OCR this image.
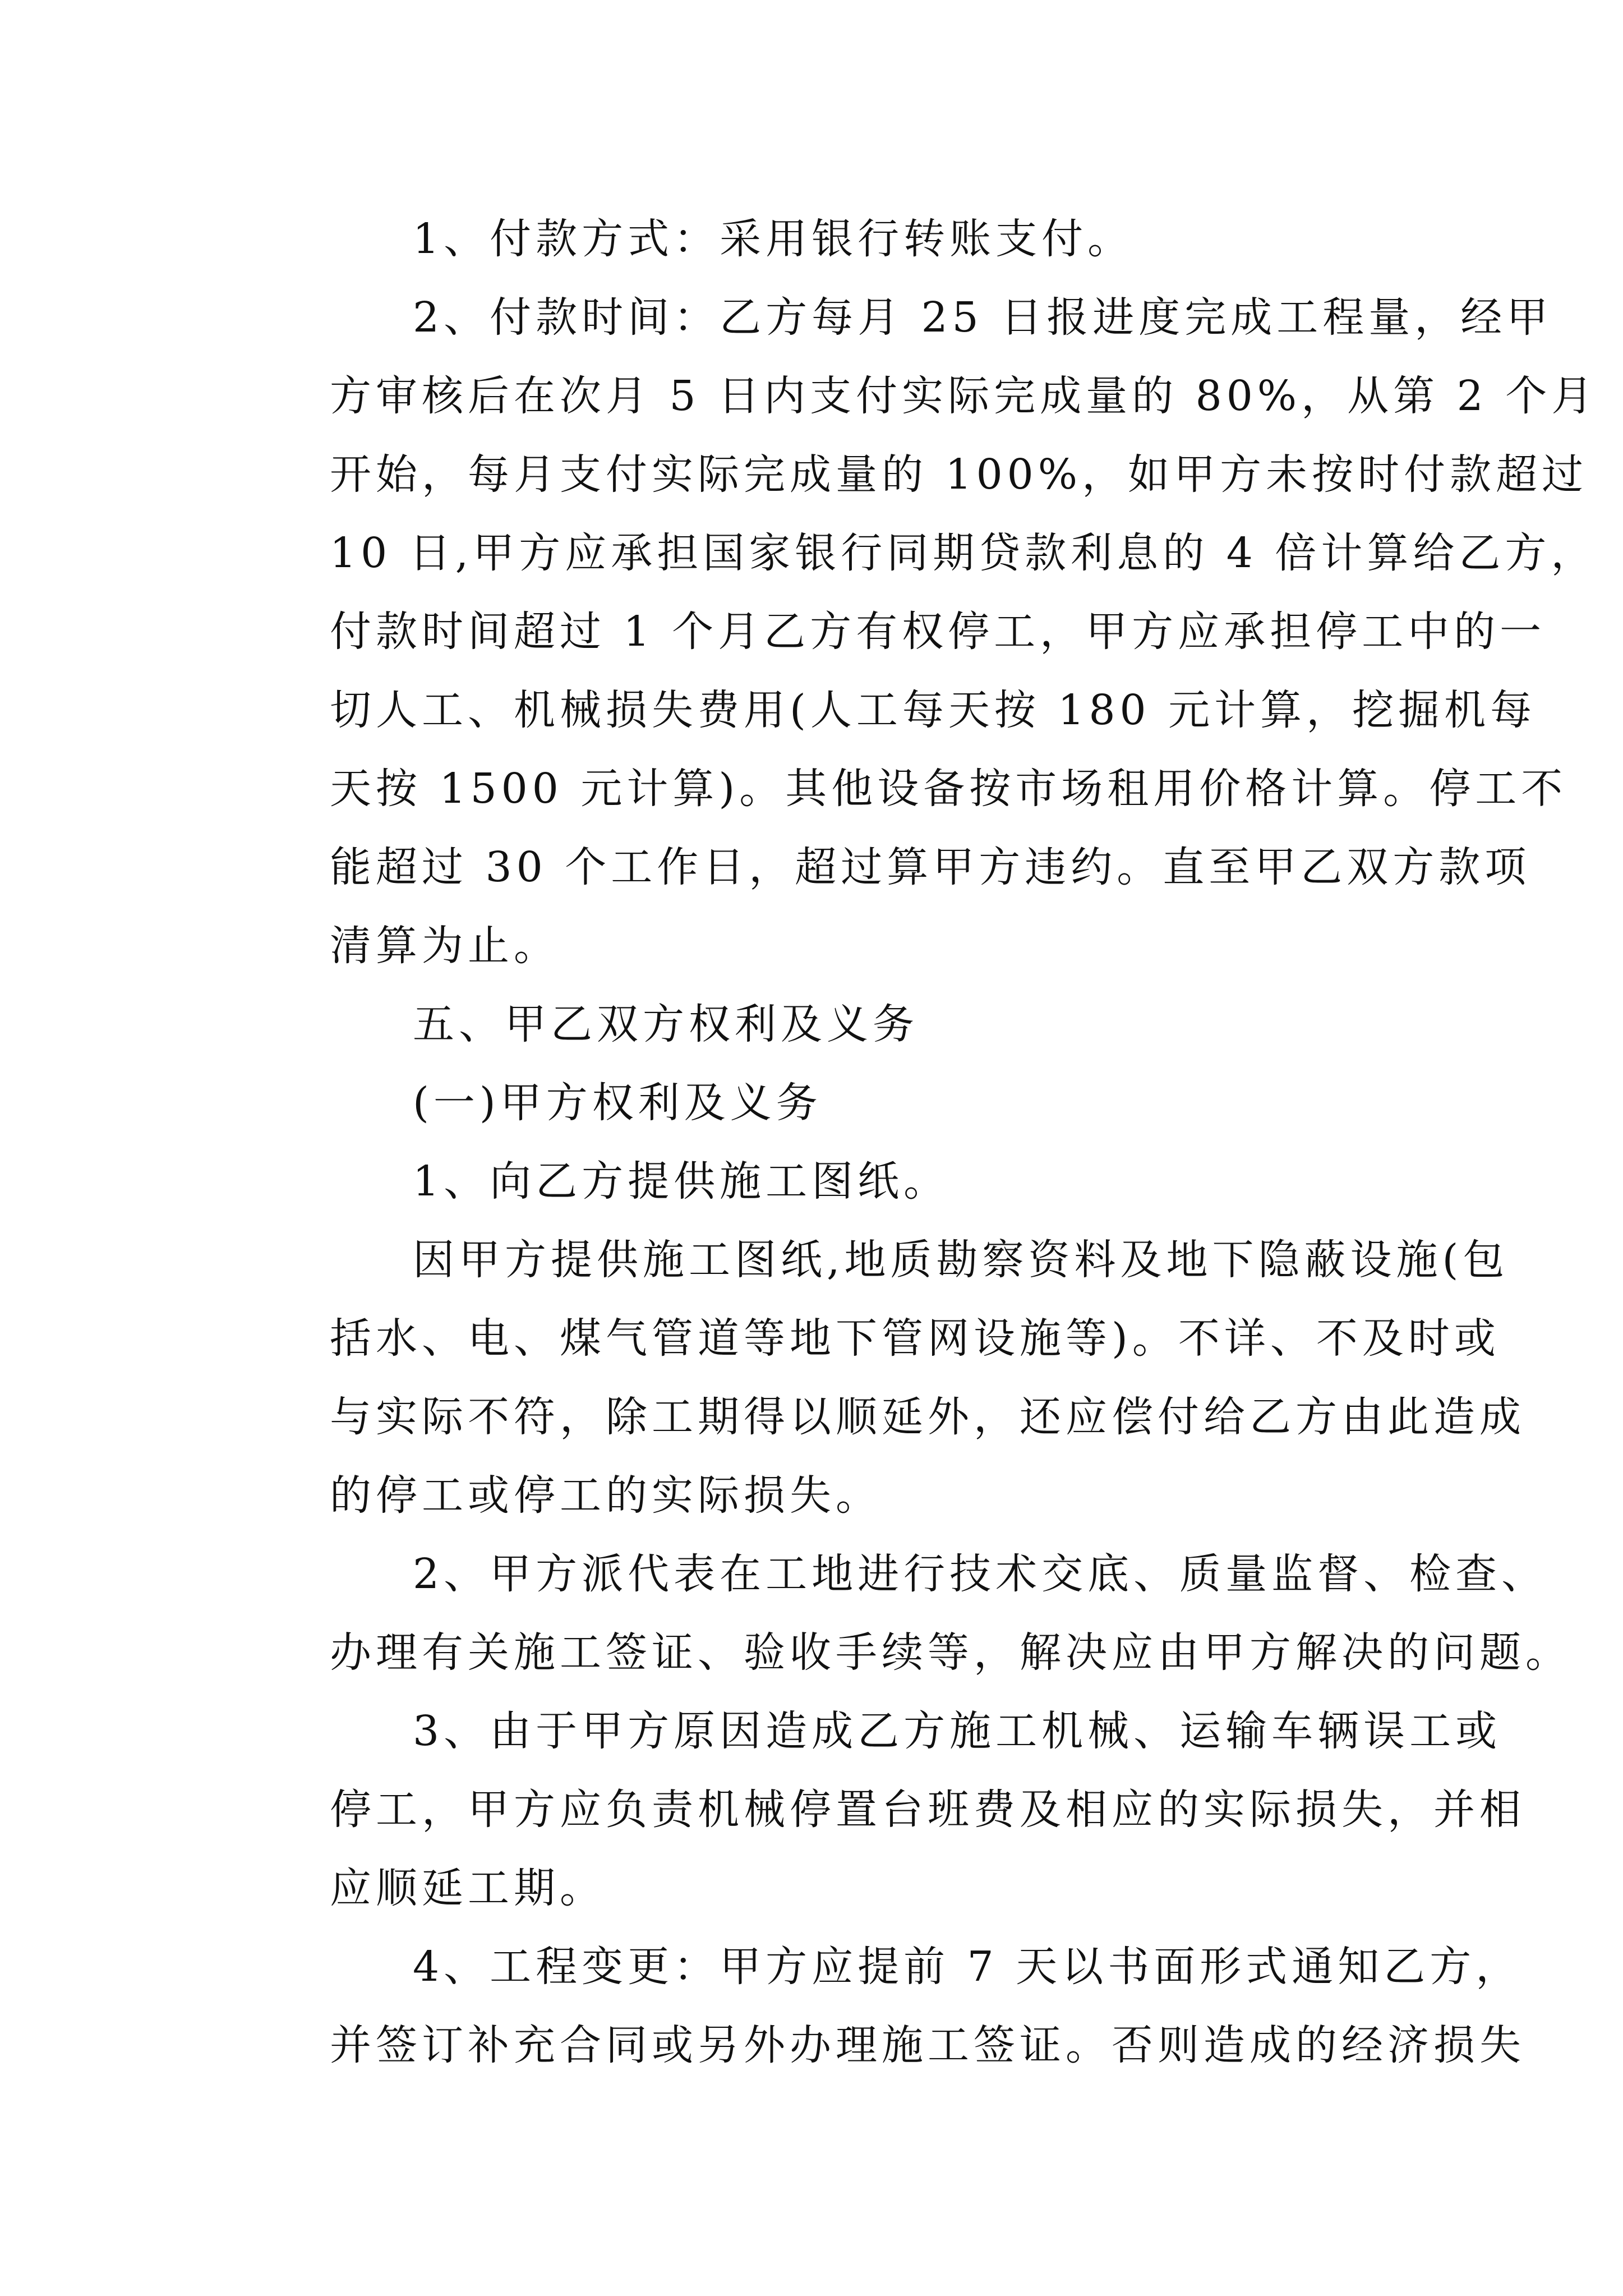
1、付款方式：采用银行转账支付。
2、付款时间：乙方每月 25 日报进度完成工程量，经甲
方审核后在次月 5 日内支付实际完成量的 80%，从第 2 个月
开始，每月支付实际完成量的 100%，如甲方未按时付款超过
10 日,甲方应承担国家银行同期贷款利息的 4 倍计算给乙方，
付款时间超过 1 个月乙方有权停工，甲方应承担停工中的一
切人工、机械损失费用(人工每天按 180 元计算，挖掘机每
天按 1500 元计算)。其他设备按市场租用价格计算。停工不
能超过 30 个工作日，超过算甲方违约。直至甲乙双方款项
清算为止。
五、甲乙双方权利及义务
(一)甲方权利及义务
1、向乙方提供施工图纸。
因甲方提供施工图纸,地质勘察资料及地下隐蔽设施(包
括水、电、煤气管道等地下管网设施等)。不详、不及时或
与实际不符，除工期得以顺延外，还应偿付给乙方由此造成
的停工或停工的实际损失。
2、甲方派代表在工地进行技术交底、质量监督、检查、
办理有关施工签证、验收手续等，解决应由甲方解决的问题。
3、由于甲方原因造成乙方施工机械、运输车辆误工或
停工，甲方应负责机械停置台班费及相应的实际损失，并相
应顺延工期。
4、工程变更：甲方应提前 7 天以书面形式通知乙方，
并签订补充合同或另外办理施工签证。否则造成的经济损失
